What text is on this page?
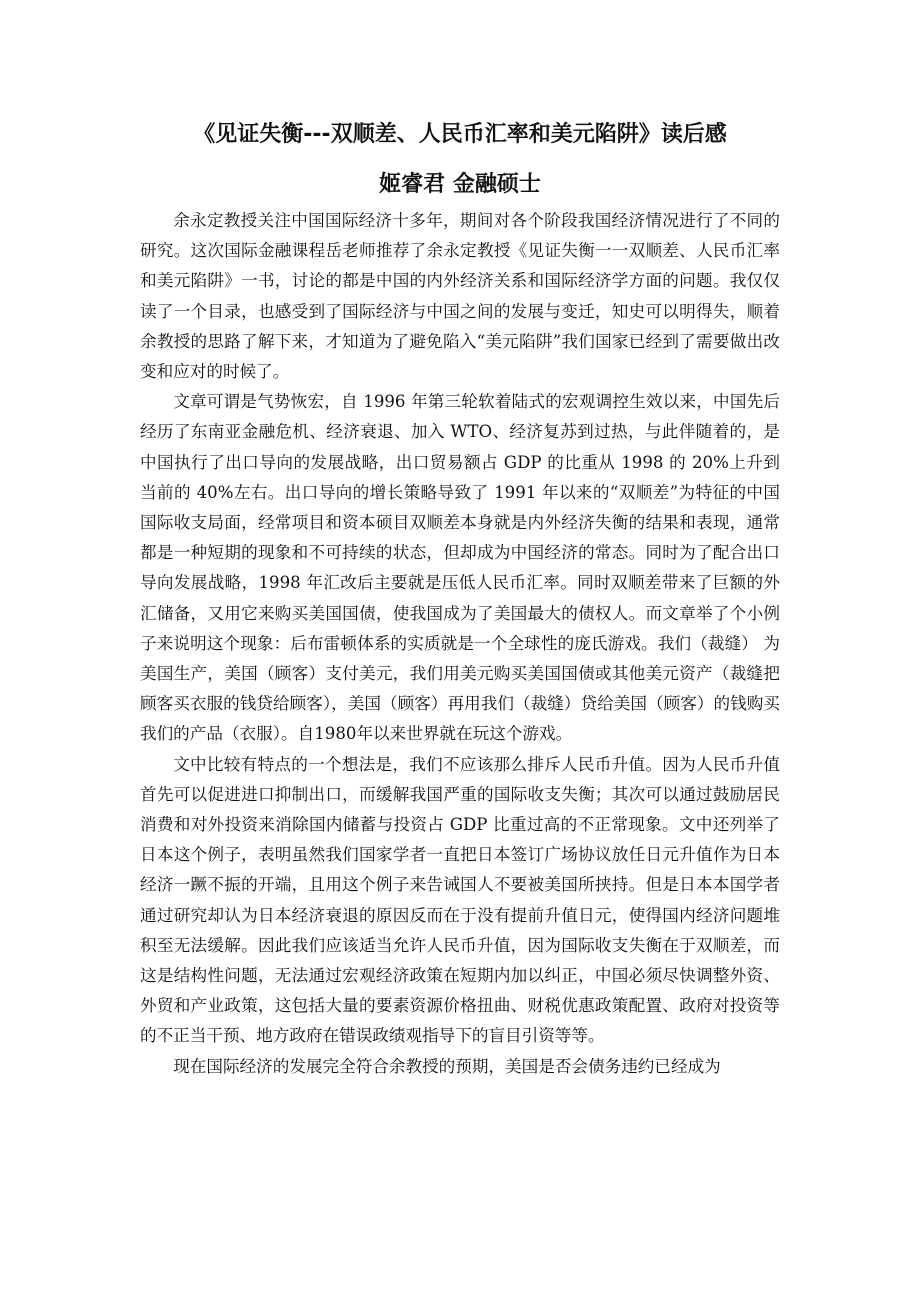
《见证失衡---双顺差、人民币汇率和美元陷阱》读后感
姬睿君 金融硕士

余永定教授关注中国国际经济十多年，期间对各个阶段我国经济情况进行了不同的研究。这次国际金融课程岳老师推荐了余永定教授《见证失衡一一双顺差、人民币汇率和美元陷阱》一书，讨论的都是中国的内外经济关系和国际经济学方面的问题。我仅仅读了一个目录，也感受到了国际经济与中国之间的发展与变迁，知史可以明得失，顺着余教授的思路了解下来，才知道为了避免陷入“美元陷阱”我们国家已经到了需要做出改变和应对的时候了。

文章可谓是气势恢宏，自 1996 年第三轮软着陆式的宏观调控生效以来，中国先后经历了东南亚金融危机、经济衰退、加入 WTO、经济复苏到过热，与此伴随着的，是中国执行了出口导向的发展战略，出口贸易额占 GDP 的比重从 1998 的 20%上升到当前的 40%左右。出口导向的增长策略导致了 1991 年以来的“双顺差”为特征的中国国际收支局面，经常项目和资本硕目双顺差本身就是内外经济失衡的结果和表现，通常都是一种短期的现象和不可持续的状态，但却成为中国经济的常态。同时为了配合出口导向发展战略，1998 年汇改后主要就是压低人民币汇率。同时双顺差带来了巨额的外汇储备，又用它来购买美国国债，使我国成为了美国最大的债权人。而文章举了个小例子来说明这个现象：后布雷顿体系的实质就是一个全球性的庞氏游戏。我们（裁缝） 为美国生产，美国（顾客）支付美元，我们用美元购买美国国债或其他美元资产（裁缝把顾客买衣服的钱贷给顾客），美国（顾客）再用我们（裁缝）贷给美国（顾客）的钱购买我们的产品（衣服）。自1980年以来世界就在玩这个游戏。

文中比较有特点的一个想法是，我们不应该那么排斥人民币升值。因为人民币升值首先可以促进进口抑制出口，而缓解我国严重的国际收支失衡；其次可以通过鼓励居民消费和对外投资来消除国内储蓄与投资占 GDP 比重过高的不正常现象。文中还列举了日本这个例子，表明虽然我们国家学者一直把日本签订广场协议放任日元升值作为日本经济一蹶不振的开端，且用这个例子来告诫国人不要被美国所挟持。但是日本本国学者通过研究却认为日本经济衰退的原因反而在于没有提前升值日元，使得国内经济问题堆积至无法缓解。因此我们应该适当允许人民币升值，因为国际收支失衡在于双顺差，而这是结构性问题，无法通过宏观经济政策在短期内加以纠正，中国必须尽快调整外资、外贸和产业政策，这包括大量的要素资源价格扭曲、财税优惠政策配置、政府对投资等的不正当干预、地方政府在错误政绩观指导下的盲目引资等等。

现在国际经济的发展完全符合余教授的预期，美国是否会债务违约已经成为
